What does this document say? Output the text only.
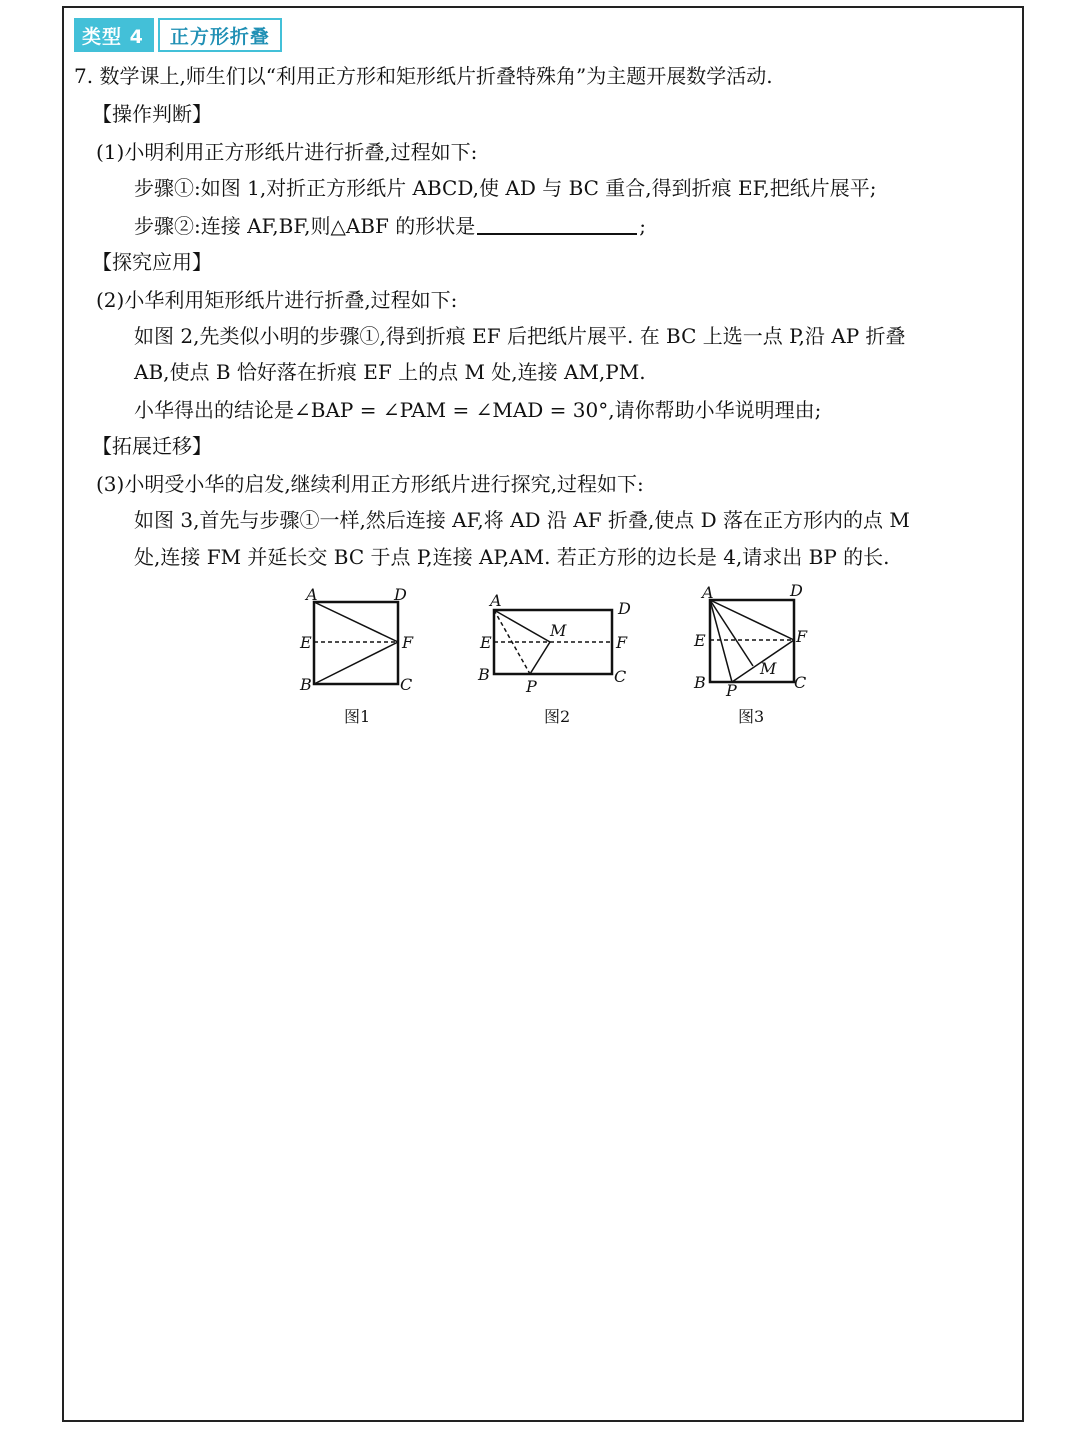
类型 4	正方形折叠
7. 数学课上,师生们以“利用正方形和矩形纸片折叠特殊角”为主题开展数学活动.
【操作判断】
(1)小明利用正方形纸片进行折叠,过程如下:
步骤①:如图 1,对折正方形纸片 ABCD,使 AD 与 BC 重合,得到折痕 EF,把纸片展平;
步骤②:连接 AF,BF,则△ABF 的形状是	;
【探究应用】
(2)小华利用矩形纸片进行折叠,过程如下:
如图 2,先类似小明的步骤①,得到折痕 EF 后把纸片展平. 在 BC 上选一点 P,沿 AP 折叠
AB,使点 B 恰好落在折痕 EF 上的点 M 处,连接 AM,PM.
小华得出的结论是∠BAP = ∠PAM = ∠MAD = 30°,请你帮助小华说明理由;
【拓展迁移】
(3)小明受小华的启发,继续利用正方形纸片进行探究,过程如下:
如图 3,首先与步骤①一样,然后连接 AF,将 AD 沿 AF 折叠,使点 D 落在正方形内的点 M
处,连接 FM 并延长交 BC 于点 P,连接 AP,AM. 若正方形的边长是 4,请求出 BP 的长.
A	D
E	F
B	C
图1
A	D
E	F
M
B
P
C
图2
A	D
E	F
M
B P	C
图3
